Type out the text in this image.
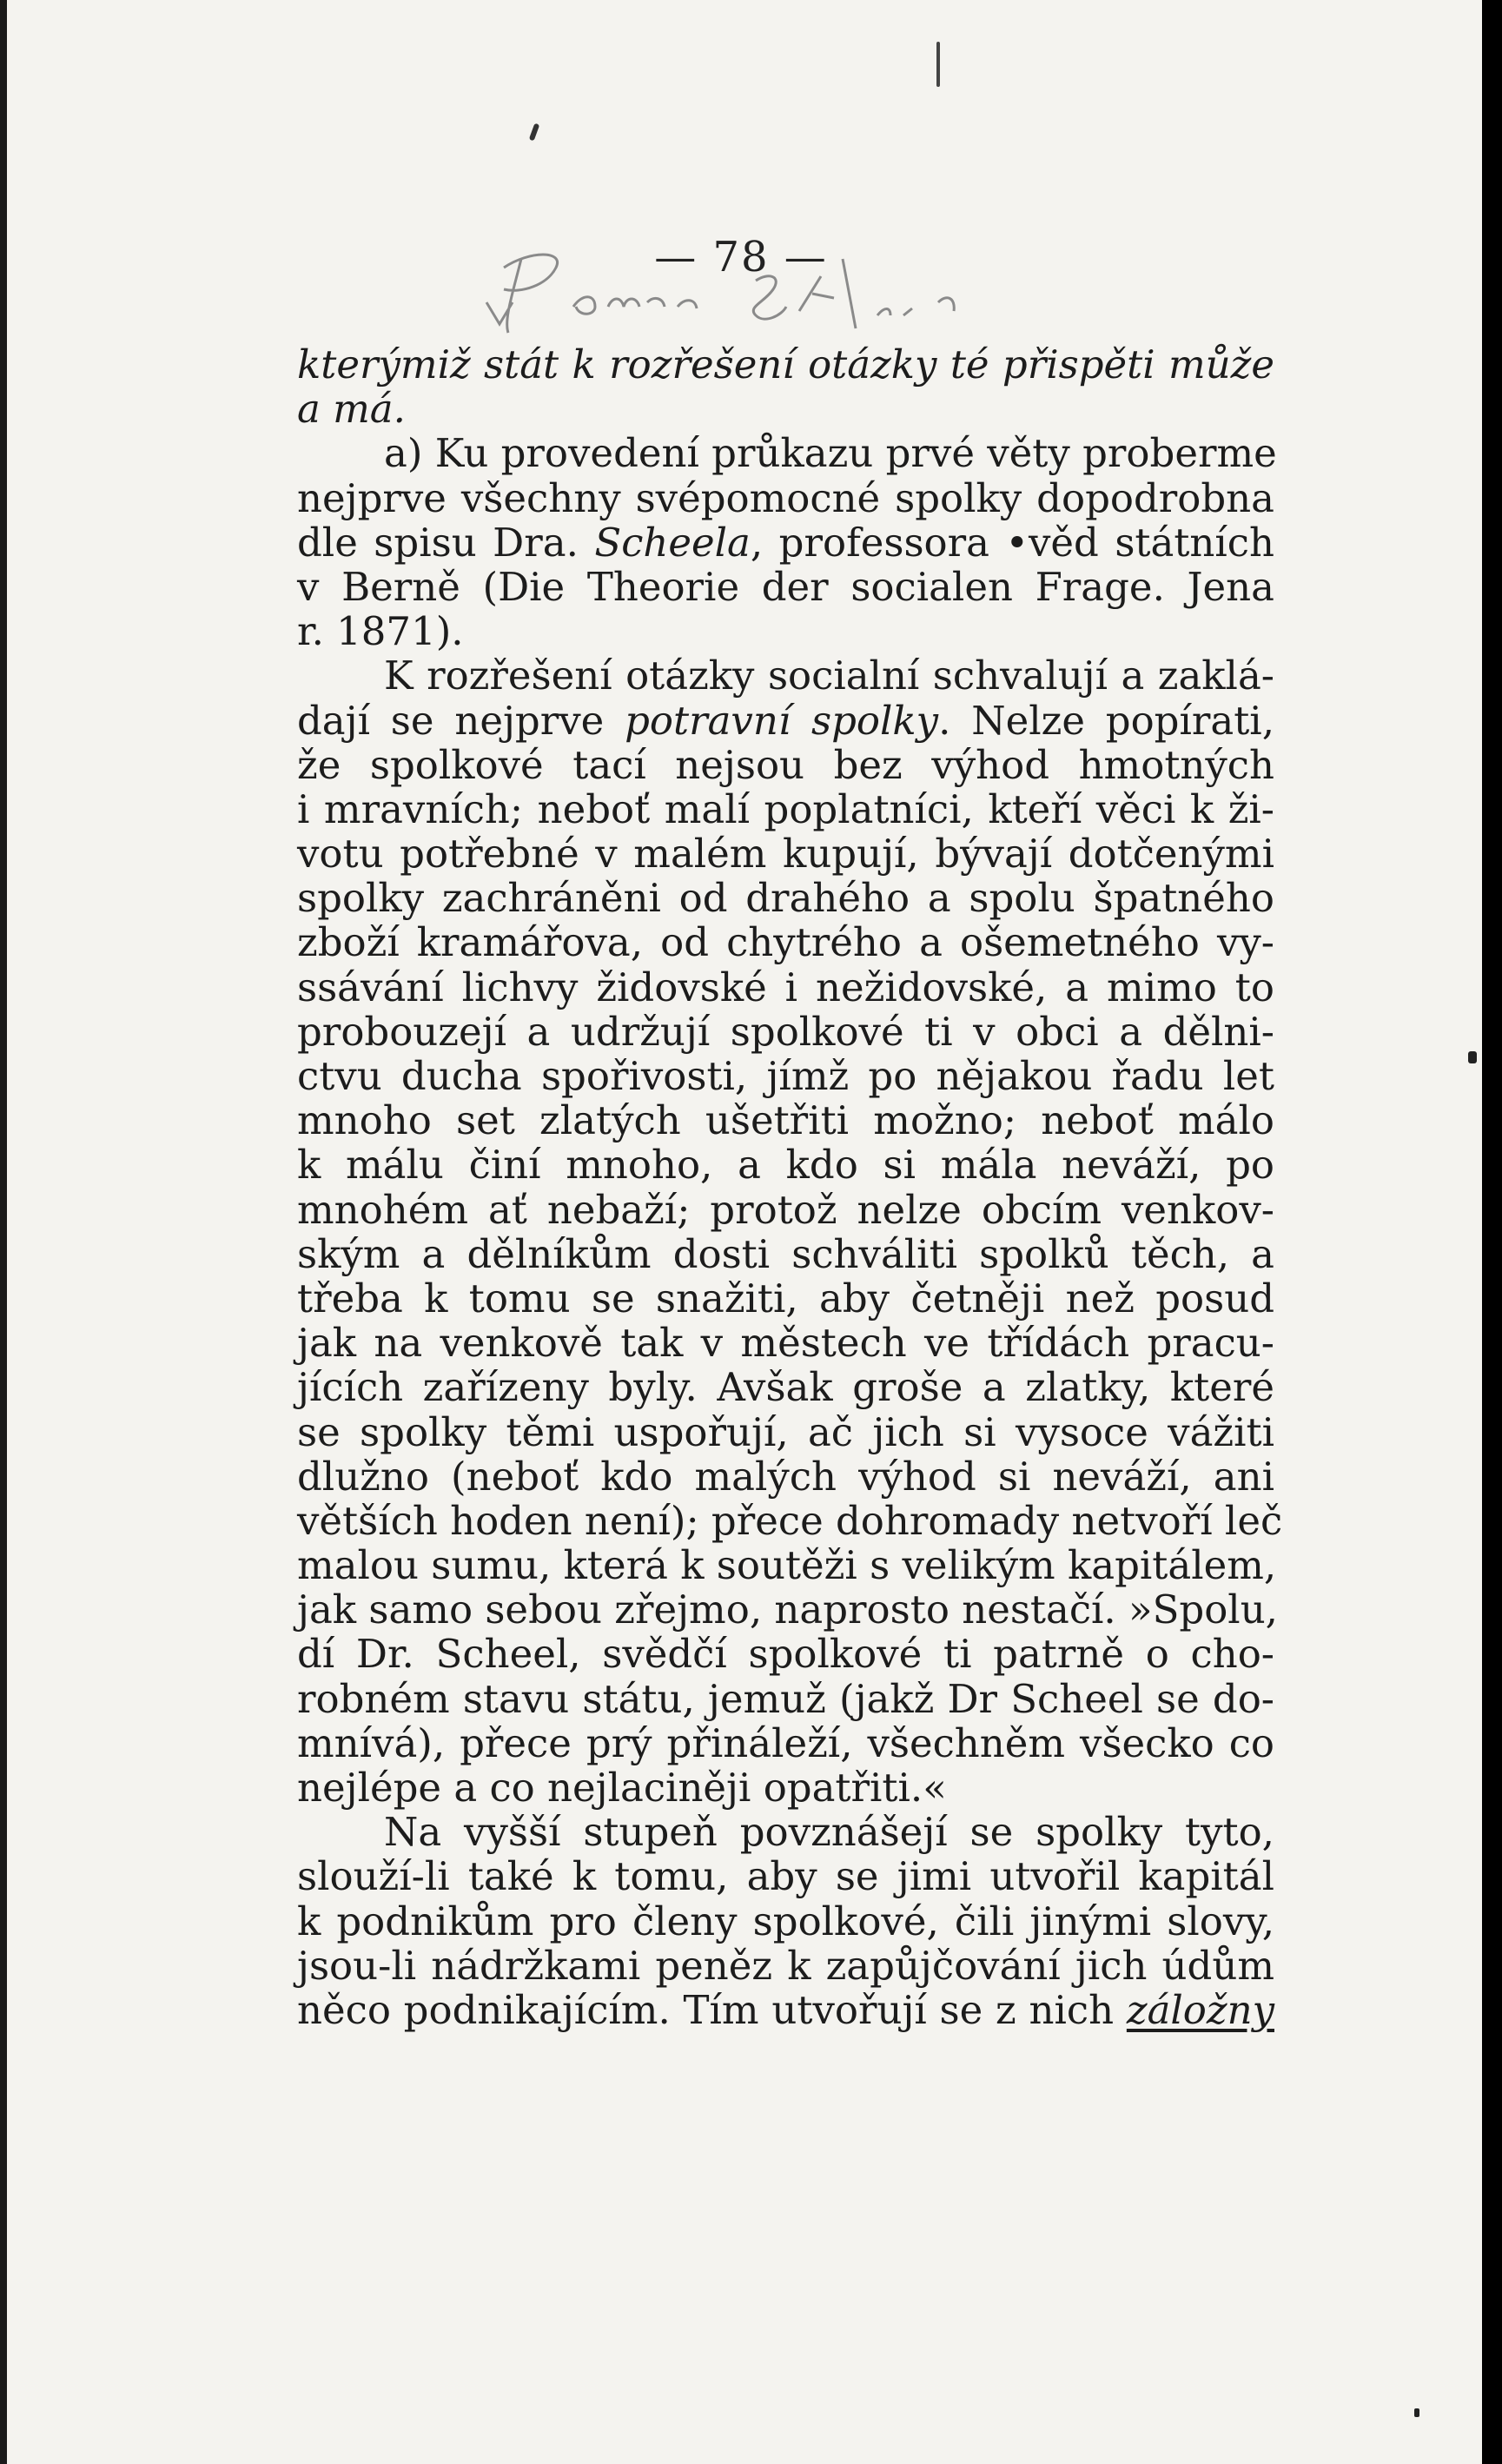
Pomoc státu	— 78 —
kterýmiž stát k rozřešení otázky té přispěti může
a má.
a) Ku provedení průkazu prvé věty proberme
nejprve všechny svépomocné spolky dopodrobna
dle spisu Dra. Scheela, professora •věd státních
v Berně (Die Theorie der socialen Frage. Jena
r. 1871).
K rozřešení otázky socialní schvalují a zaklá-
dají se nejprve potravní spolky. Nelze popírati,
že spolkové tací nejsou bez výhod hmotných
i mravních; neboť malí poplatníci, kteří věci k ži-
votu potřebné v malém kupují, bývají dotčenými
spolky zachráněni od drahého a spolu špatného
zboží kramářova, od chytrého a ošemetného vy-
ssávání lichvy židovské i nežidovské, a mimo to
probouzejí a udržují spolkové ti v obci a dělni-
ctvu ducha spořivosti, jímž po nějakou řadu let
mnoho set zlatých ušetřiti možno; neboť málo
k málu činí mnoho, a kdo si mála neváží, po
mnohém ať nebaží; protož nelze obcím venkov-
ským a dělníkům dosti schváliti spolků těch, a
třeba k tomu se snažiti, aby četněji než posud
jak na venkově tak v městech ve třídách pracu-
jících zařízeny byly. Avšak groše a zlatky, které
se spolky těmi uspořují, ač jich si vysoce vážiti
dlužno (neboť kdo malých výhod si neváží, ani
větších hoden není); přece dohromady netvoří leč
malou sumu, která k soutěži s velikým kapitálem,
jak samo sebou zřejmo, naprosto nestačí. »Spolu,
dí Dr. Scheel, svědčí spolkové ti patrně o cho-
robném stavu státu, jemuž (jakž Dr Scheel se do-
mnívá), přece prý přináleží, všechněm všecko co
nejlépe a co nejlaciněji opatřiti.«
Na vyšší stupeň povznášejí se spolky tyto,
slouží-li také k tomu, aby se jimi utvořil kapitál
k podnikům pro členy spolkové, čili jinými slovy,
jsou-li nádržkami peněz k zapůjčování jich údům
něco podnikajícím. Tím utvořují se z nich záložny
